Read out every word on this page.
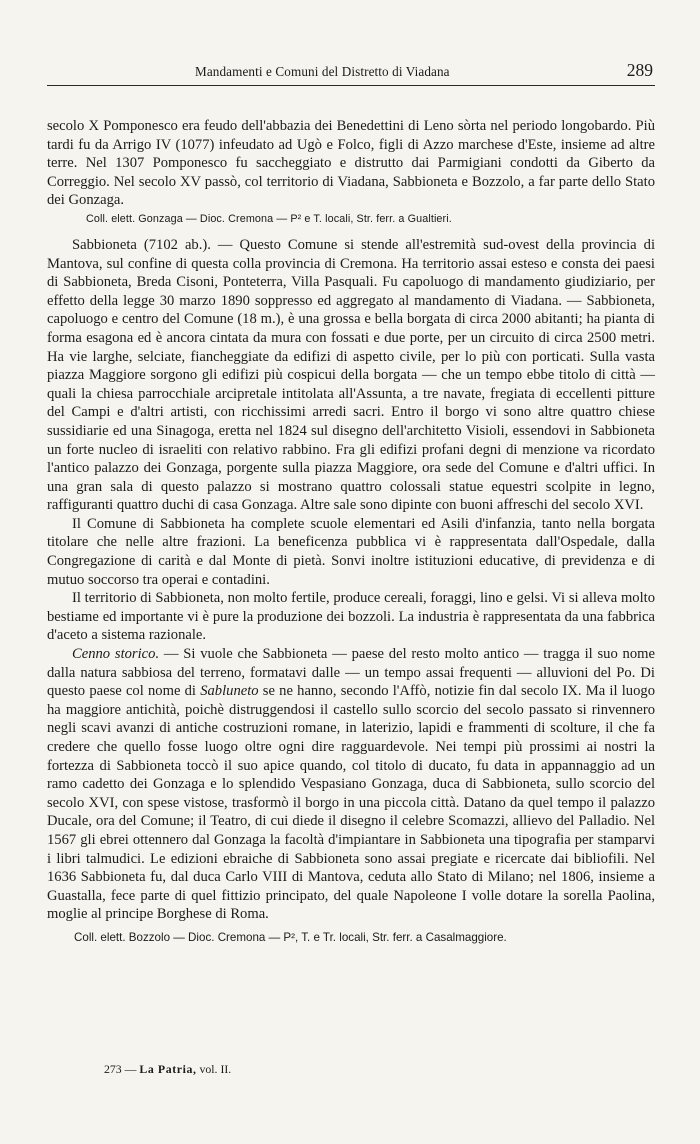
Mandamenti e Comuni del Distretto di Viadana	289

secolo X Pomponesco era feudo dell'abbazia dei Benedettini di Leno sòrta nel periodo longobardo. Più tardi fu da Arrigo IV (1077) infeudato ad Ugò e Folco, figli di Azzo marchese d'Este, insieme ad altre terre. Nel 1307 Pomponesco fu saccheggiato e distrutto dai Parmigiani condotti da Giberto da Correggio. Nel secolo XV passò, col territorio di Viadana, Sabbioneta e Bozzolo, a far parte dello Stato dei Gonzaga.

Coll. elett. Gonzaga — Dioc. Cremona — P² e T. locali, Str. ferr. a Gualtieri.

Sabbioneta (7102 ab.). — Questo Comune si stende all'estremità sud-ovest della provincia di Mantova, sul confine di questa colla provincia di Cremona. Ha territorio assai esteso e consta dei paesi di Sabbioneta, Breda Cisoni, Ponteterra, Villa Pasquali. Fu capoluogo di mandamento giudiziario, per effetto della legge 30 marzo 1890 soppresso ed aggregato al mandamento di Viadana. — Sabbioneta, capoluogo e centro del Comune (18 m.), è una grossa e bella borgata di circa 2000 abitanti; ha pianta di forma esagona ed è ancora cintata da mura con fossati e due porte, per un circuito di circa 2500 metri. Ha vie larghe, selciate, fiancheggiate da edifizi di aspetto civile, per lo più con porticati. Sulla vasta piazza Maggiore sorgono gli edifizi più cospicui della borgata — che un tempo ebbe titolo di città — quali la chiesa parrocchiale arcipretale intitolata all'Assunta, a tre navate, fregiata di eccellenti pitture del Campi e d'altri artisti, con ricchissimi arredi sacri. Entro il borgo vi sono altre quattro chiese sussidiarie ed una Sinagoga, eretta nel 1824 sul disegno dell'architetto Visioli, essendovi in Sabbioneta un forte nucleo di israeliti con relativo rabbino. Fra gli edifizi profani degni di menzione va ricordato l'antico palazzo dei Gonzaga, porgente sulla piazza Maggiore, ora sede del Comune e d'altri uffici. In una gran sala di questo palazzo si mostrano quattro colossali statue equestri scolpite in legno, raffiguranti quattro duchi di casa Gonzaga. Altre sale sono dipinte con buoni affreschi del secolo XVI.

Il Comune di Sabbioneta ha complete scuole elementari ed Asili d'infanzia, tanto nella borgata titolare che nelle altre frazioni. La beneficenza pubblica vi è rappresentata dall'Ospedale, dalla Congregazione di carità e dal Monte di pietà. Sonvi inoltre istituzioni educative, di previdenza e di mutuo soccorso tra operai e contadini.

Il territorio di Sabbioneta, non molto fertile, produce cereali, foraggi, lino e gelsi. Vi si alleva molto bestiame ed importante vi è pure la produzione dei bozzoli. La industria è rappresentata da una fabbrica d'aceto a sistema razionale.

Cenno storico. — Si vuole che Sabbioneta — paese del resto molto antico — tragga il suo nome dalla natura sabbiosa del terreno, formatavi dalle — un tempo assai frequenti — alluvioni del Po. Di questo paese col nome di Sabluneto se ne hanno, secondo l'Affò, notizie fin dal secolo IX. Ma il luogo ha maggiore antichità, poichè distruggendosi il castello sullo scorcio del secolo passato si rinvennero negli scavi avanzi di antiche costruzioni romane, in laterizio, lapidi e frammenti di scolture, il che fa credere che quello fosse luogo oltre ogni dire ragguardevole. Nei tempi più prossimi ai nostri la fortezza di Sabbioneta toccò il suo apice quando, col titolo di ducato, fu data in appannaggio ad un ramo cadetto dei Gonzaga e lo splendido Vespasiano Gonzaga, duca di Sabbioneta, sullo scorcio del secolo XVI, con spese vistose, trasformò il borgo in una piccola città. Datano da quel tempo il palazzo Ducale, ora del Comune; il Teatro, di cui diede il disegno il celebre Scomazzi, allievo del Palladio. Nel 1567 gli ebrei ottennero dal Gonzaga la facoltà d'impiantare in Sabbioneta una tipografia per stamparvi i libri talmudici. Le edizioni ebraiche di Sabbioneta sono assai pregiate e ricercate dai bibliofili. Nel 1636 Sabbioneta fu, dal duca Carlo VIII di Mantova, ceduta allo Stato di Milano; nel 1806, insieme a Guastalla, fece parte di quel fittizio principato, del quale Napoleone I volle dotare la sorella Paolina, moglie al principe Borghese di Roma.

Coll. elett. Bozzolo — Dioc. Cremona — P², T. e Tr. locali, Str. ferr. a Casalmaggiore.
273 — La Patria, vol. II.
